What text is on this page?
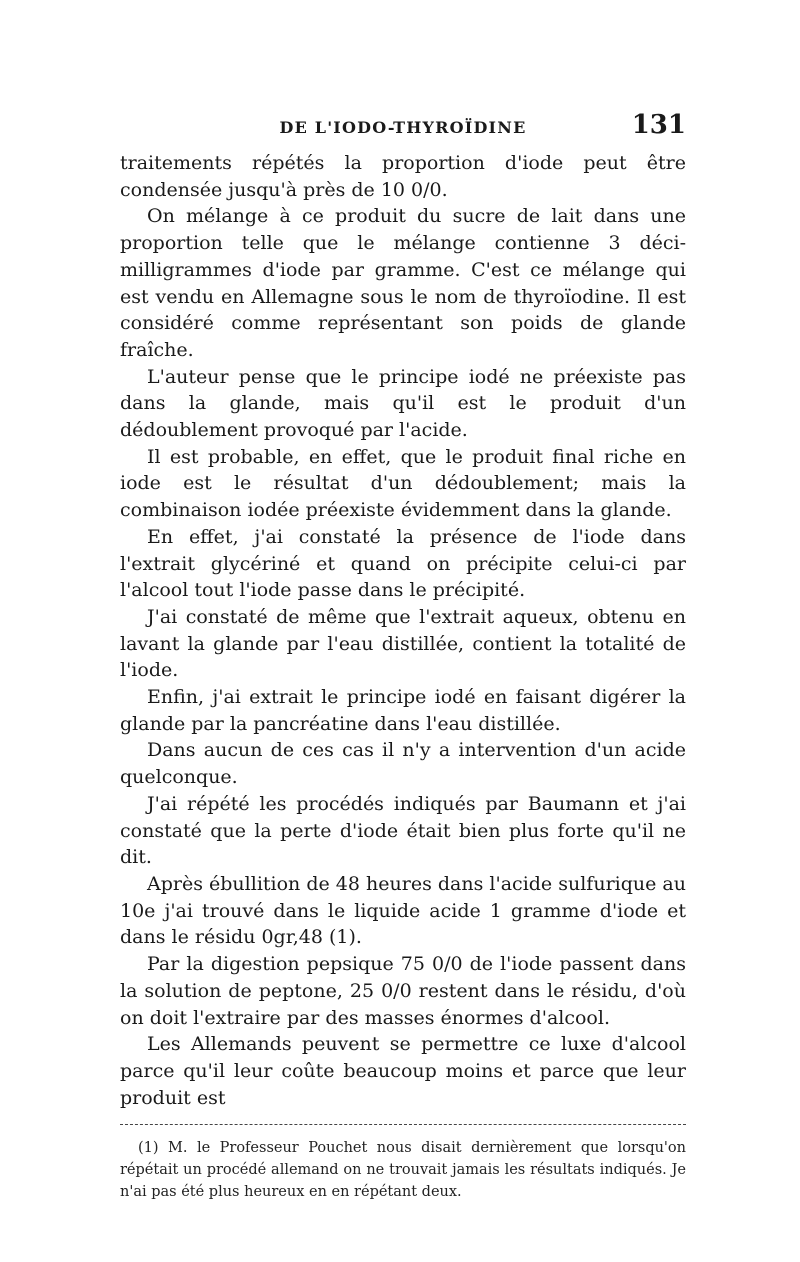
DE L'IODO-THYROÏDINE	131

traitements répétés la proportion d'iode peut être condensée jusqu'à près de 10 0/0.

On mélange à ce produit du sucre de lait dans une proportion telle que le mélange contienne 3 déci-milligrammes d'iode par gramme. C'est ce mélange qui est vendu en Allemagne sous le nom de thyroïodine. Il est considéré comme représentant son poids de glande fraîche.

L'auteur pense que le principe iodé ne préexiste pas dans la glande, mais qu'il est le produit d'un dédoublement provoqué par l'acide.

Il est probable, en effet, que le produit final riche en iode est le résultat d'un dédoublement; mais la combinaison iodée préexiste évidemment dans la glande.

En effet, j'ai constaté la présence de l'iode dans l'extrait glycériné et quand on précipite celui-ci par l'alcool tout l'iode passe dans le précipité.

J'ai constaté de même que l'extrait aqueux, obtenu en lavant la glande par l'eau distillée, contient la totalité de l'iode.

Enfin, j'ai extrait le principe iodé en faisant digérer la glande par la pancréatine dans l'eau distillée.

Dans aucun de ces cas il n'y a intervention d'un acide quelconque.

J'ai répété les procédés indiqués par Baumann et j'ai constaté que la perte d'iode était bien plus forte qu'il ne dit.

Après ébullition de 48 heures dans l'acide sulfurique au 10e j'ai trouvé dans le liquide acide 1 gramme d'iode et dans le résidu 0gr,48 (1).

Par la digestion pepsique 75 0/0 de l'iode passent dans la solution de peptone, 25 0/0 restent dans le résidu, d'où on doit l'extraire par des masses énormes d'alcool.

Les Allemands peuvent se permettre ce luxe d'alcool parce qu'il leur coûte beaucoup moins et parce que leur produit est

(1) M. le Professeur Pouchet nous disait dernièrement que lorsqu'on répétait un procédé allemand on ne trouvait jamais les résultats indiqués. Je n'ai pas été plus heureux en en répétant deux.
